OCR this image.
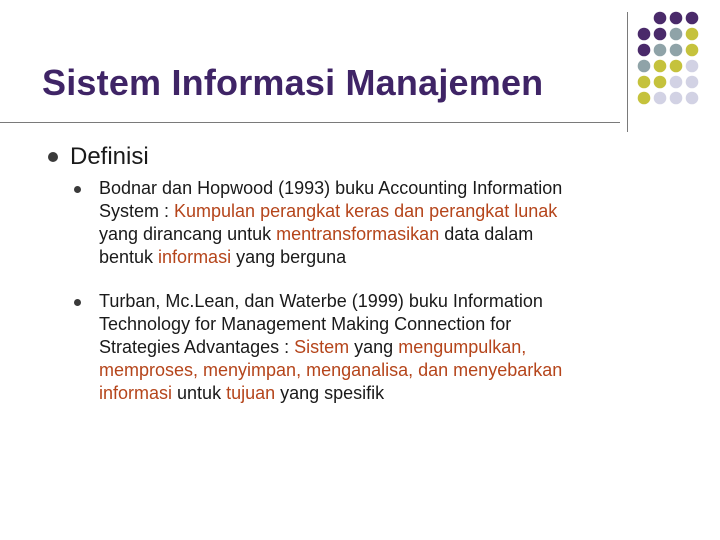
Sistem Informasi Manajemen
Definisi
Bodnar dan Hopwood (1993) buku Accounting Information
System : Kumpulan perangkat keras dan perangkat lunak
yang dirancang untuk mentransformasikan data dalam
bentuk informasi yang berguna
Turban, Mc.Lean, dan Waterbe (1999) buku Information
Technology for Management Making Connection for
Strategies Advantages : Sistem yang mengumpulkan,
memproses, menyimpan, menganalisa, dan menyebarkan
informasi untuk tujuan yang spesifik
